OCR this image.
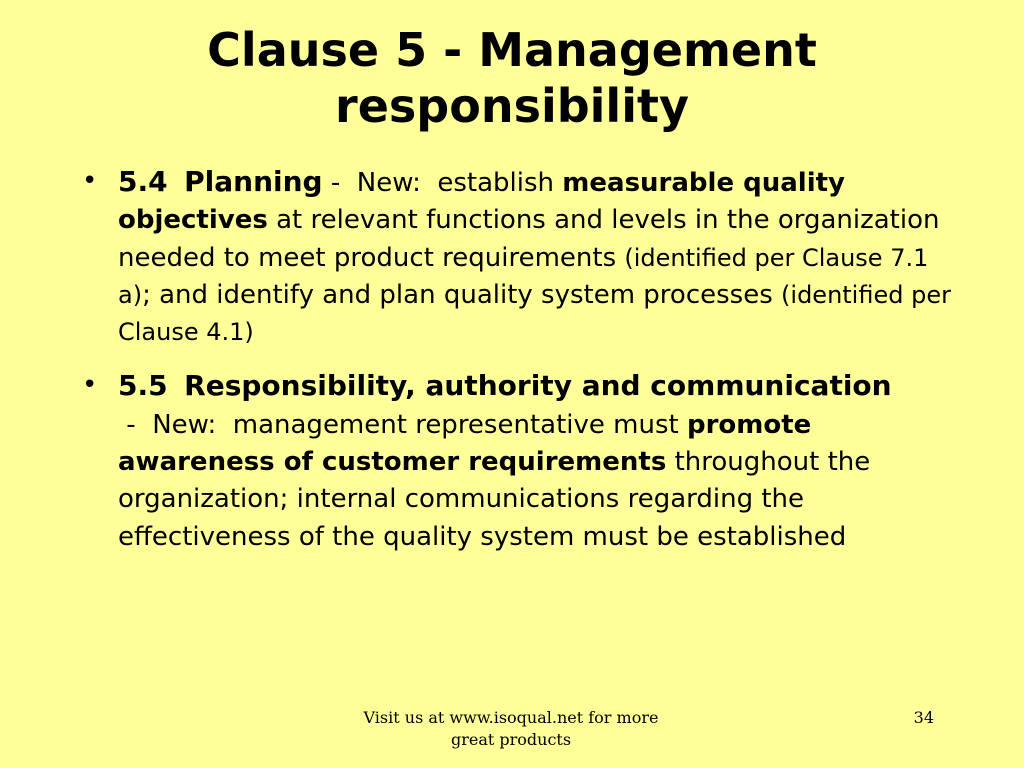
Clause 5 - Management
responsibility
• 5.4 Planning -  New:  establish measurable quality objectives at relevant functions and levels in the organization needed to meet product requirements (identified per Clause 7.1 a); and identify and plan quality system processes (identified per Clause 4.1)
• 5.5 Responsibility, authority and communication -  New:  management representative must promote awareness of customer requirements throughout the organization; internal communications regarding the effectiveness of the quality system must be established
Visit us at www.isoqual.net for more
great products
34
